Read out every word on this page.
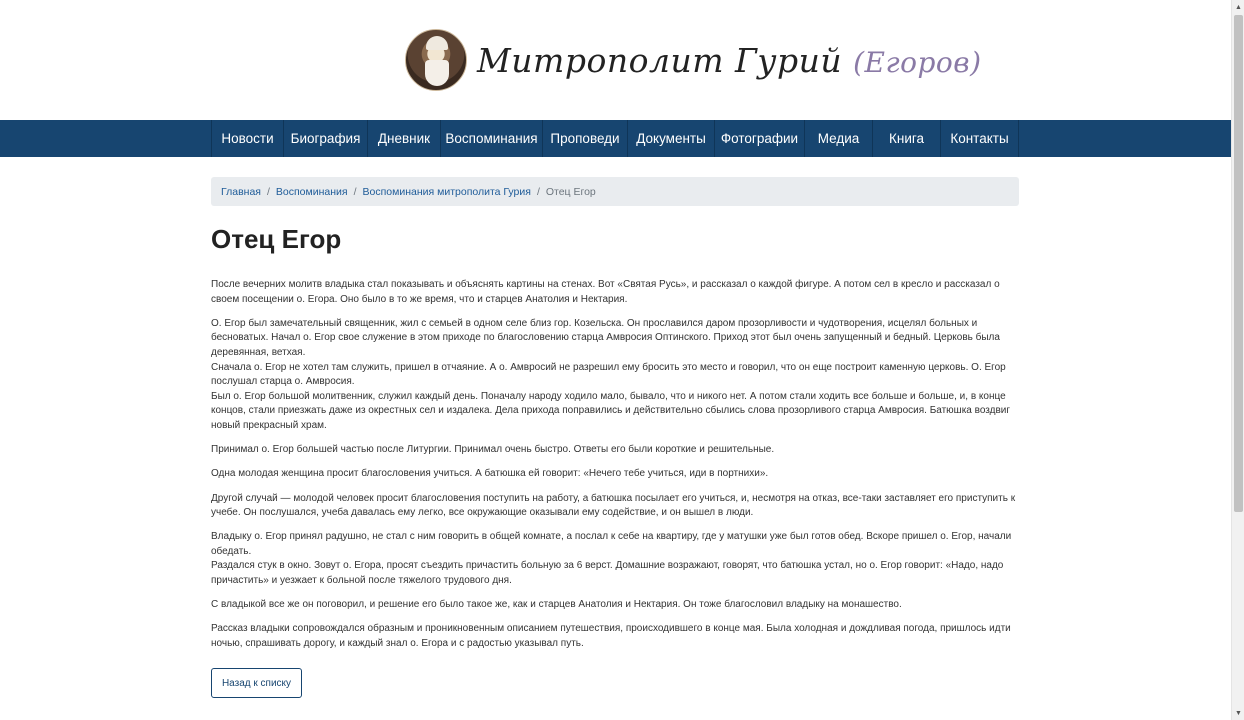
Митрополит Гурий (Егоров)
Новости	Биография	Дневник	Воспоминания Проповеди	Документы	Фотографии	Медиа	Книга	Контакты
Главная / Воспоминания / Воспоминания митрополита Гурия / Отец Егор
Отец Егор

После вечерних молитв владыка стал показывать и объяснять картины на стенах. Вот «Святая Русь», и рассказал о каждой фигуре. А потом сел в кресло и рассказал о своем посещении о. Егора. Оно было в то же время, что и старцев Анатолия и Нектария.

О. Егор был замечательный священник, жил с семьей в одном селе близ гор. Козельска. Он прославился даром прозорливости и чудотворения, исцелял больных и бесноватых. Начал о. Егор свое служение в этом приходе по благословению старца Амвросия Оптинского. Приход этот был очень запущенный и бедный. Церковь была деревянная, ветхая.
Сначала о. Егор не хотел там служить, пришел в отчаяние. А о. Амвросий не разрешил ему бросить это место и говорил, что он еще построит каменную церковь. О. Егор послушал старца о. Амвросия.
Был о. Егор большой молитвенник, служил каждый день. Поначалу народу ходило мало, бывало, что и никого нет. А потом стали ходить все больше и больше, и, в конце концов, стали приезжать даже из окрестных сел и издалека. Дела прихода поправились и действительно сбылись слова прозорливого старца Амвросия. Батюшка воздвиг новый прекрасный храм.

Принимал о. Егор большей частью после Литургии. Принимал очень быстро. Ответы его были короткие и решительные.

Одна молодая женщина просит благословения учиться. А батюшка ей говорит: «Нечего тебе учиться, иди в портнихи».

Другой случай — молодой человек просит благословения поступить на работу, а батюшка посылает его учиться, и, несмотря на отказ, все-таки заставляет его приступить к учебе. Он послушался, учеба давалась ему легко, все окружающие оказывали ему содействие, и он вышел в люди.

Владыку о. Егор принял радушно, не стал с ним говорить в общей комнате, а послал к себе на квартиру, где у матушки уже был готов обед. Вскоре пришел о. Егор, начали обедать.
Раздался стук в окно. Зовут о. Егора, просят съездить причастить больную за 6 верст. Домашние возражают, говорят, что батюшка устал, но о. Егор говорит: «Надо, надо причастить» и уезжает к больной после тяжелого трудового дня.

С владыкой все же он поговорил, и решение его было такое же, как и старцев Анатолия и Нектария. Он тоже благословил владыку на монашество.

Рассказ владыки сопровождался образным и проникновенным описанием путешествия, происходившего в конце мая. Была холодная и дождливая погода, пришлось идти ночью, спрашивать дорогу, и каждый знал о. Егора и с радостью указывал путь.

Назад к списку
▲
▼
